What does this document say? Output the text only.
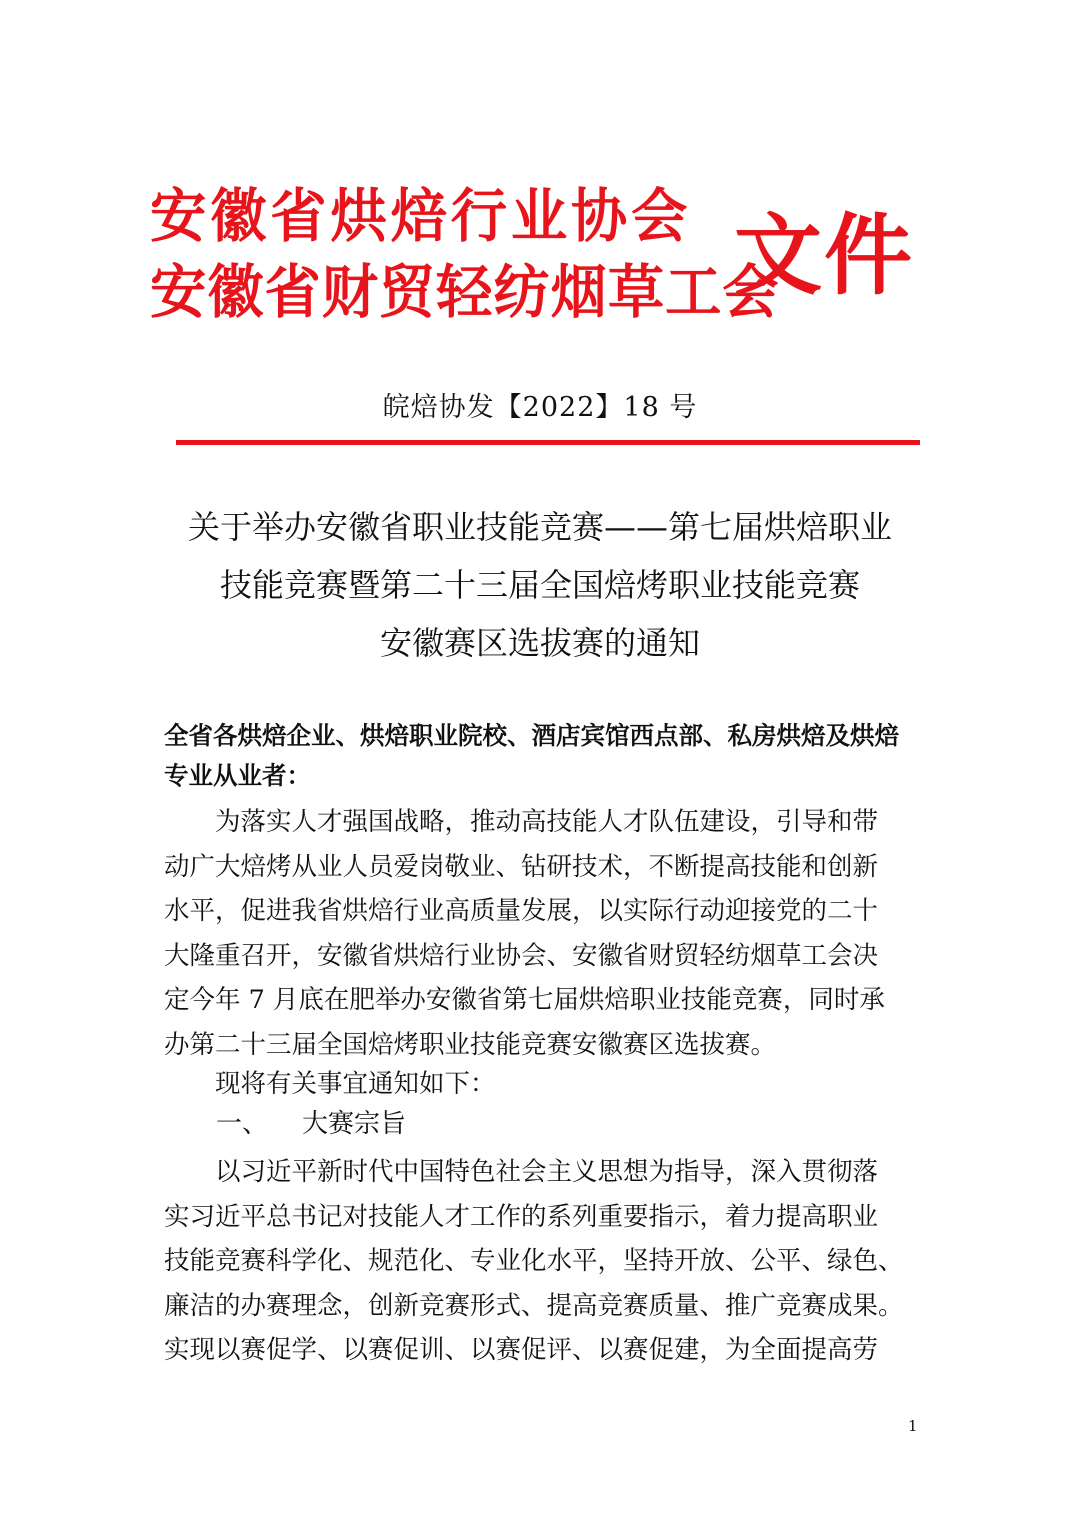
安徽省烘焙行业协会
安徽省财贸轻纺烟草工会
文件
皖焙协发【2022】18 号
关于举办安徽省职业技能竞赛——第七届烘焙职业
技能竞赛暨第二十三届全国焙烤职业技能竞赛
安徽赛区选拔赛的通知
全省各烘焙企业、烘焙职业院校、酒店宾馆西点部、私房烘焙及烘焙
专业从业者：
　　为落实人才强国战略，推动高技能人才队伍建设，引导和带
动广大焙烤从业人员爱岗敬业、钻研技术，不断提高技能和创新
水平，促进我省烘焙行业高质量发展，以实际行动迎接党的二十
大隆重召开，安徽省烘焙行业协会、安徽省财贸轻纺烟草工会决
定今年 7 月底在肥举办安徽省第七届烘焙职业技能竞赛，同时承
办第二十三届全国焙烤职业技能竞赛安徽赛区选拔赛。
　　现将有关事宜通知如下：
一、 大赛宗旨
　　以习近平新时代中国特色社会主义思想为指导，深入贯彻落
实习近平总书记对技能人才工作的系列重要指示，着力提高职业
技能竞赛科学化、规范化、专业化水平，坚持开放、公平、绿色、
廉洁的办赛理念，创新竞赛形式、提高竞赛质量、推广竞赛成果。
实现以赛促学、以赛促训、以赛促评、以赛促建，为全面提高劳
1
